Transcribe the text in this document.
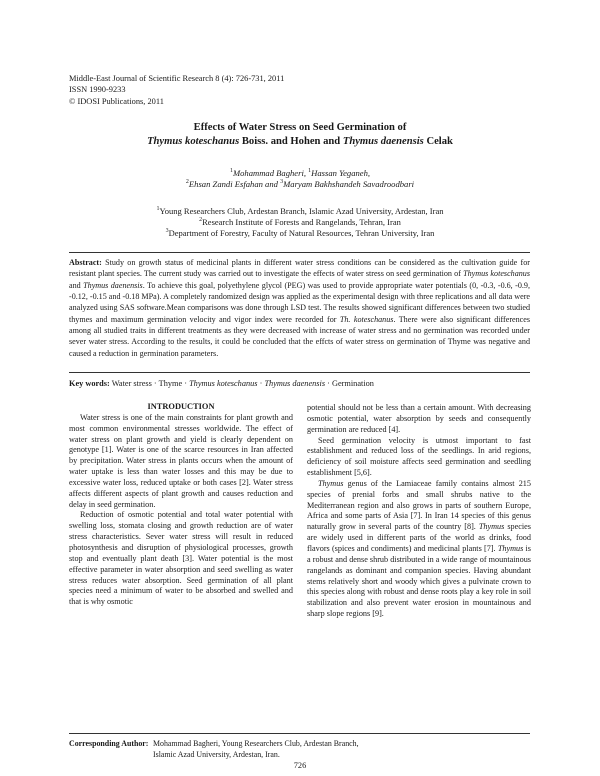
Middle-East Journal of Scientific Research 8 (4): 726-731, 2011
ISSN 1990-9233
© IDOSI Publications, 2011
Effects of Water Stress on Seed Germination of
Thymus koteschanus Boiss. and Hohen and Thymus daenensis Celak
$^1$Mohammad Bagheri, $^1$Hassan Yeganeh,
$^2$Ehsan Zandi Esfahan and $^3$Maryam Bakhshandeh Savadroodbari
$^1$Young Researchers Club, Ardestan Branch, Islamic Azad University, Ardestan, Iran
$^2$Research Institute of Forests and Rangelands, Tehran, Iran
$^3$Department of Forestry, Faculty of Natural Resources, Tehran University, Iran
Abstract: Study on growth status of medicinal plants in different water stress conditions can be considered as the cultivation guide for resistant plant species. The current study was carried out to investigate the effects of water stress on seed germination of Thymus koteschanus and Thymus daenensis. To achieve this goal, polyethylene glycol (PEG) was used to provide appropriate water potentials (0, -0.3, -0.6, -0.9, -0.12, -0.15 and -0.18 MPa). A completely randomized design was applied as the experimental design with three replications and all data were analyzed using SAS software.Mean comparisons was done through LSD test. The results showed significant differences between two studied thymes and maximum germination velocity and vigor index were recorded for Th. koteschanus. There were also significant differences among all studied traits in different treatments as they were decreased with increase of water stress and no germination was recorded under sever water stress. According to the results, it could be concluded that the effcts of water stress on germination of Thyme was negative and caused a reduction in germination parameters.
Key words: Water stress · Thyme · Thymus koteschanus · Thymus daenensis · Germination

INTRODUCTION

Water stress is one of the main constraints for plant growth and most common environmental stresses worldwide. The effect of water stress on plant growth and yield is clearly dependent on genotype [1]. Water is one of the scarce resources in Iran affected by precipitation. Water stress in plants occurs when the amount of water uptake is less than water losses and this may be due to excessive water loss, reduced uptake or both cases [2]. Water stress affects different aspects of plant growth and causes reduction and delay in seed germination.

Reduction of osmotic potential and total water potential with swelling loss, stomata closing and growth reduction are of water stress characteristics. Sever water stress will result in reduced photosynthesis and disruption of physiological processes, growth stop and eventually plant death [3]. Water potential is the most effective parameter in water absorption and seed swelling as water stress reduces water absorption. Seed germination of all plant species need a minimum of water to be absorbed and swelled and that is why osmotic

potential should not be less than a certain amount. With decreasing osmotic potential, water absorption by seeds and consequently germination are reduced [4].

Seed germination velocity is utmost important to fast establishment and reduced loss of the seedlings. In arid regions, deficiency of soil moisture affects seed germination and seedling establishment [5,6].

Thymus genus of the Lamiaceae family contains almost 215 species of prenial forbs and small shrubs native to the Mediterranean region and also grows in parts of southern Europe, Africa and some parts of Asia [7]. In Iran 14 species of this genus naturally grow in several parts of the country [8]. Thymus species are widely used in different parts of the world as drinks, food flavors (spices and condiments) and medicinal plants [7]. Thymus is a robust and dense shrub distributed in a wide range of mountainous rangelands as dominant and companion species. Having abundant stems relatively short and woody which gives a pulvinate crown to this species along with robust and dense roots play a key role in soil stabilization and also prevent water erosion in mountainous and sharp slope regions [9].

Corresponding Author: Mohammad Bagheri, Young Researchers Club, Ardestan Branch,
Islamic Azad University, Ardestan, Iran.
726
